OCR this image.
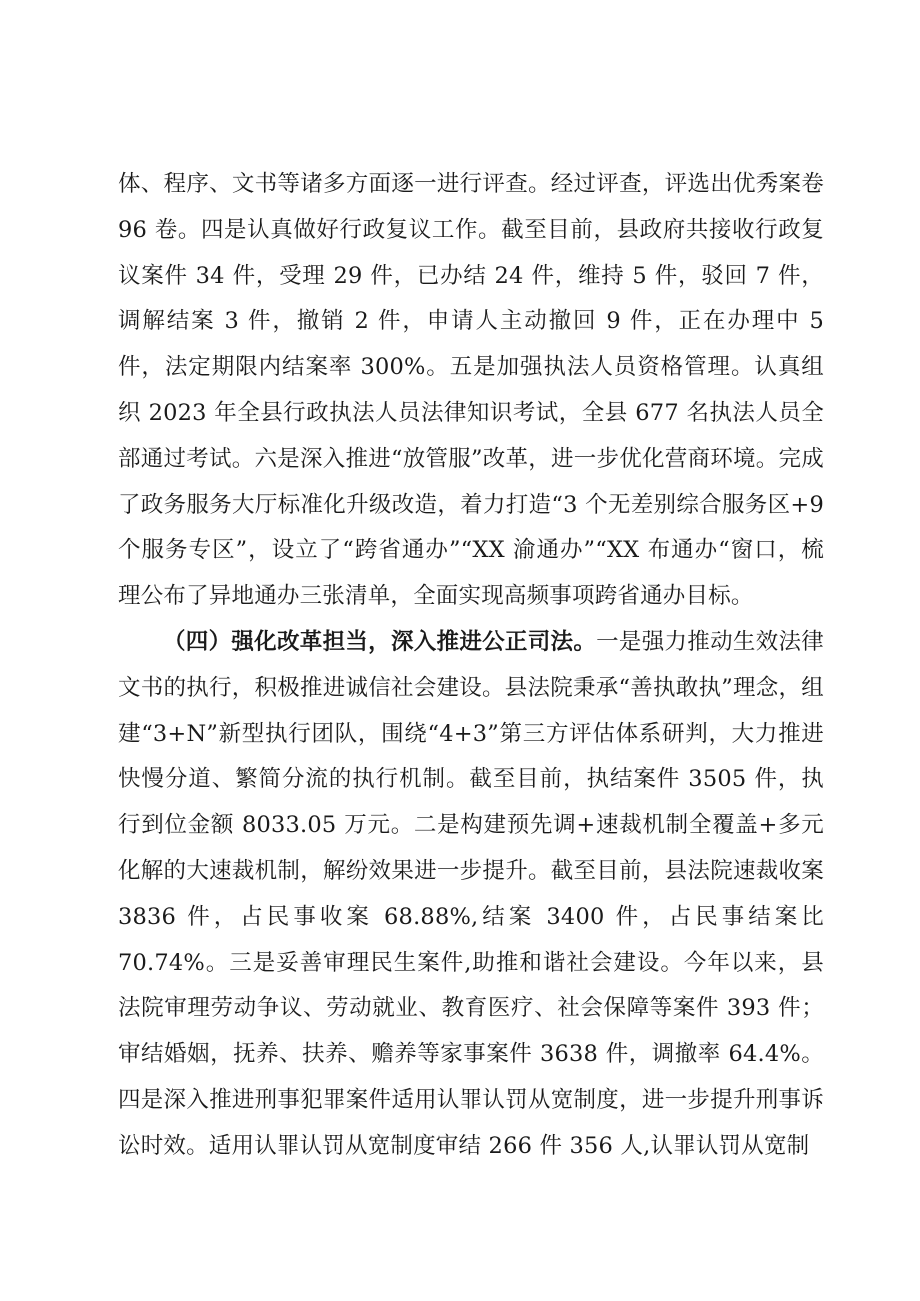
体、程序、文书等诸多方面逐一进行评查。经过评查，评选出优秀案卷 96 卷。四是认真做好行政复议工作。截至目前，县政府共接收行政复议案件 34 件，受理 29 件，已办结 24 件，维持 5 件，驳回 7 件，调解结案 3 件，撤销 2 件，申请人主动撤回 9 件，正在办理中 5 件，法定期限内结案率 300%。五是加强执法人员资格管理。认真组织 2023 年全县行政执法人员法律知识考试，全县 677 名执法人员全部通过考试。六是深入推进“放管服”改革，进一步优化营商环境。完成了政务服务大厅标准化升级改造，着力打造“3 个无差别综合服务区+9 个服务专区”，设立了“跨省通办”“XX 渝通办”“XX 布通办“窗口，梳理公布了异地通办三张清单，全面实现高频事项跨省通办目标。

（四）强化改革担当，深入推进公正司法。一是强力推动生效法律文书的执行，积极推进诚信社会建设。县法院秉承“善执敢执”理念，组建“3+N”新型执行团队，围绕“4+3”第三方评估体系研判，大力推进快慢分道、繁简分流的执行机制。截至目前，执结案件 3505 件，执行到位金额 8033.05 万元。二是构建预先调+速裁机制全覆盖+多元化解的大速裁机制，解纷效果进一步提升。截至目前，县法院速裁收案 3836 件，占民事收案 68.88%,结案 3400 件，占民事结案比 70.74%。三是妥善审理民生案件,助推和谐社会建设。今年以来，县法院审理劳动争议、劳动就业、教育医疗、社会保障等案件 393 件；审结婚姻，抚养、扶养、赡养等家事案件 3638 件，调撤率 64.4%。四是深入推进刑事犯罪案件适用认罪认罚从宽制度，进一步提升刑事诉讼时效。适用认罪认罚从宽制度审结 266 件 356 人,认罪认罚从宽制
